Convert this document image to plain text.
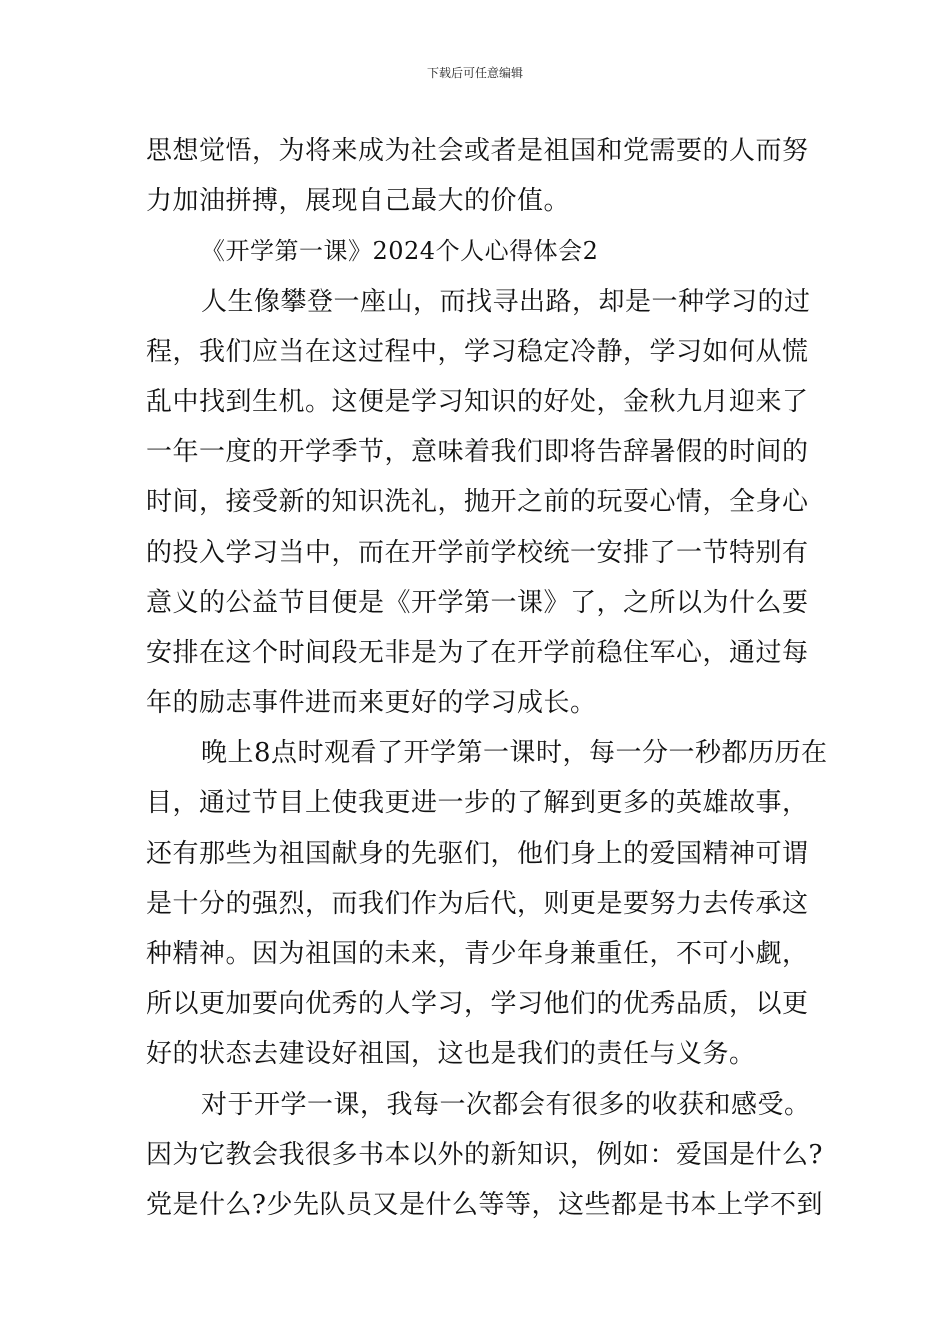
下载后可任意编辑
思想觉悟，为将来成为社会或者是祖国和党需要的人而努
力加油拼搏，展现自己最大的价值。
《开学第一课》2024个人心得体会2
人生像攀登一座山，而找寻出路，却是一种学习的过
程，我们应当在这过程中，学习稳定冷静，学习如何从慌
乱中找到生机。这便是学习知识的好处，金秋九月迎来了
一年一度的开学季节，意味着我们即将告辞暑假的时间的
时间，接受新的知识洗礼，抛开之前的玩耍心情，全身心
的投入学习当中，而在开学前学校统一安排了一节特别有
意义的公益节目便是《开学第一课》了，之所以为什么要
安排在这个时间段无非是为了在开学前稳住军心，通过每
年的励志事件进而来更好的学习成长。
晚上8点时观看了开学第一课时，每一分一秒都历历在
目，通过节目上使我更进一步的了解到更多的英雄故事，
还有那些为祖国献身的先驱们，他们身上的爱国精神可谓
是十分的强烈，而我们作为后代，则更是要努力去传承这
种精神。因为祖国的未来，青少年身兼重任，不可小觑，
所以更加要向优秀的人学习，学习他们的优秀品质，以更
好的状态去建设好祖国，这也是我们的责任与义务。
对于开学一课，我每一次都会有很多的收获和感受。
因为它教会我很多书本以外的新知识，例如：爱国是什么?
党是什么?少先队员又是什么等等，这些都是书本上学不到
